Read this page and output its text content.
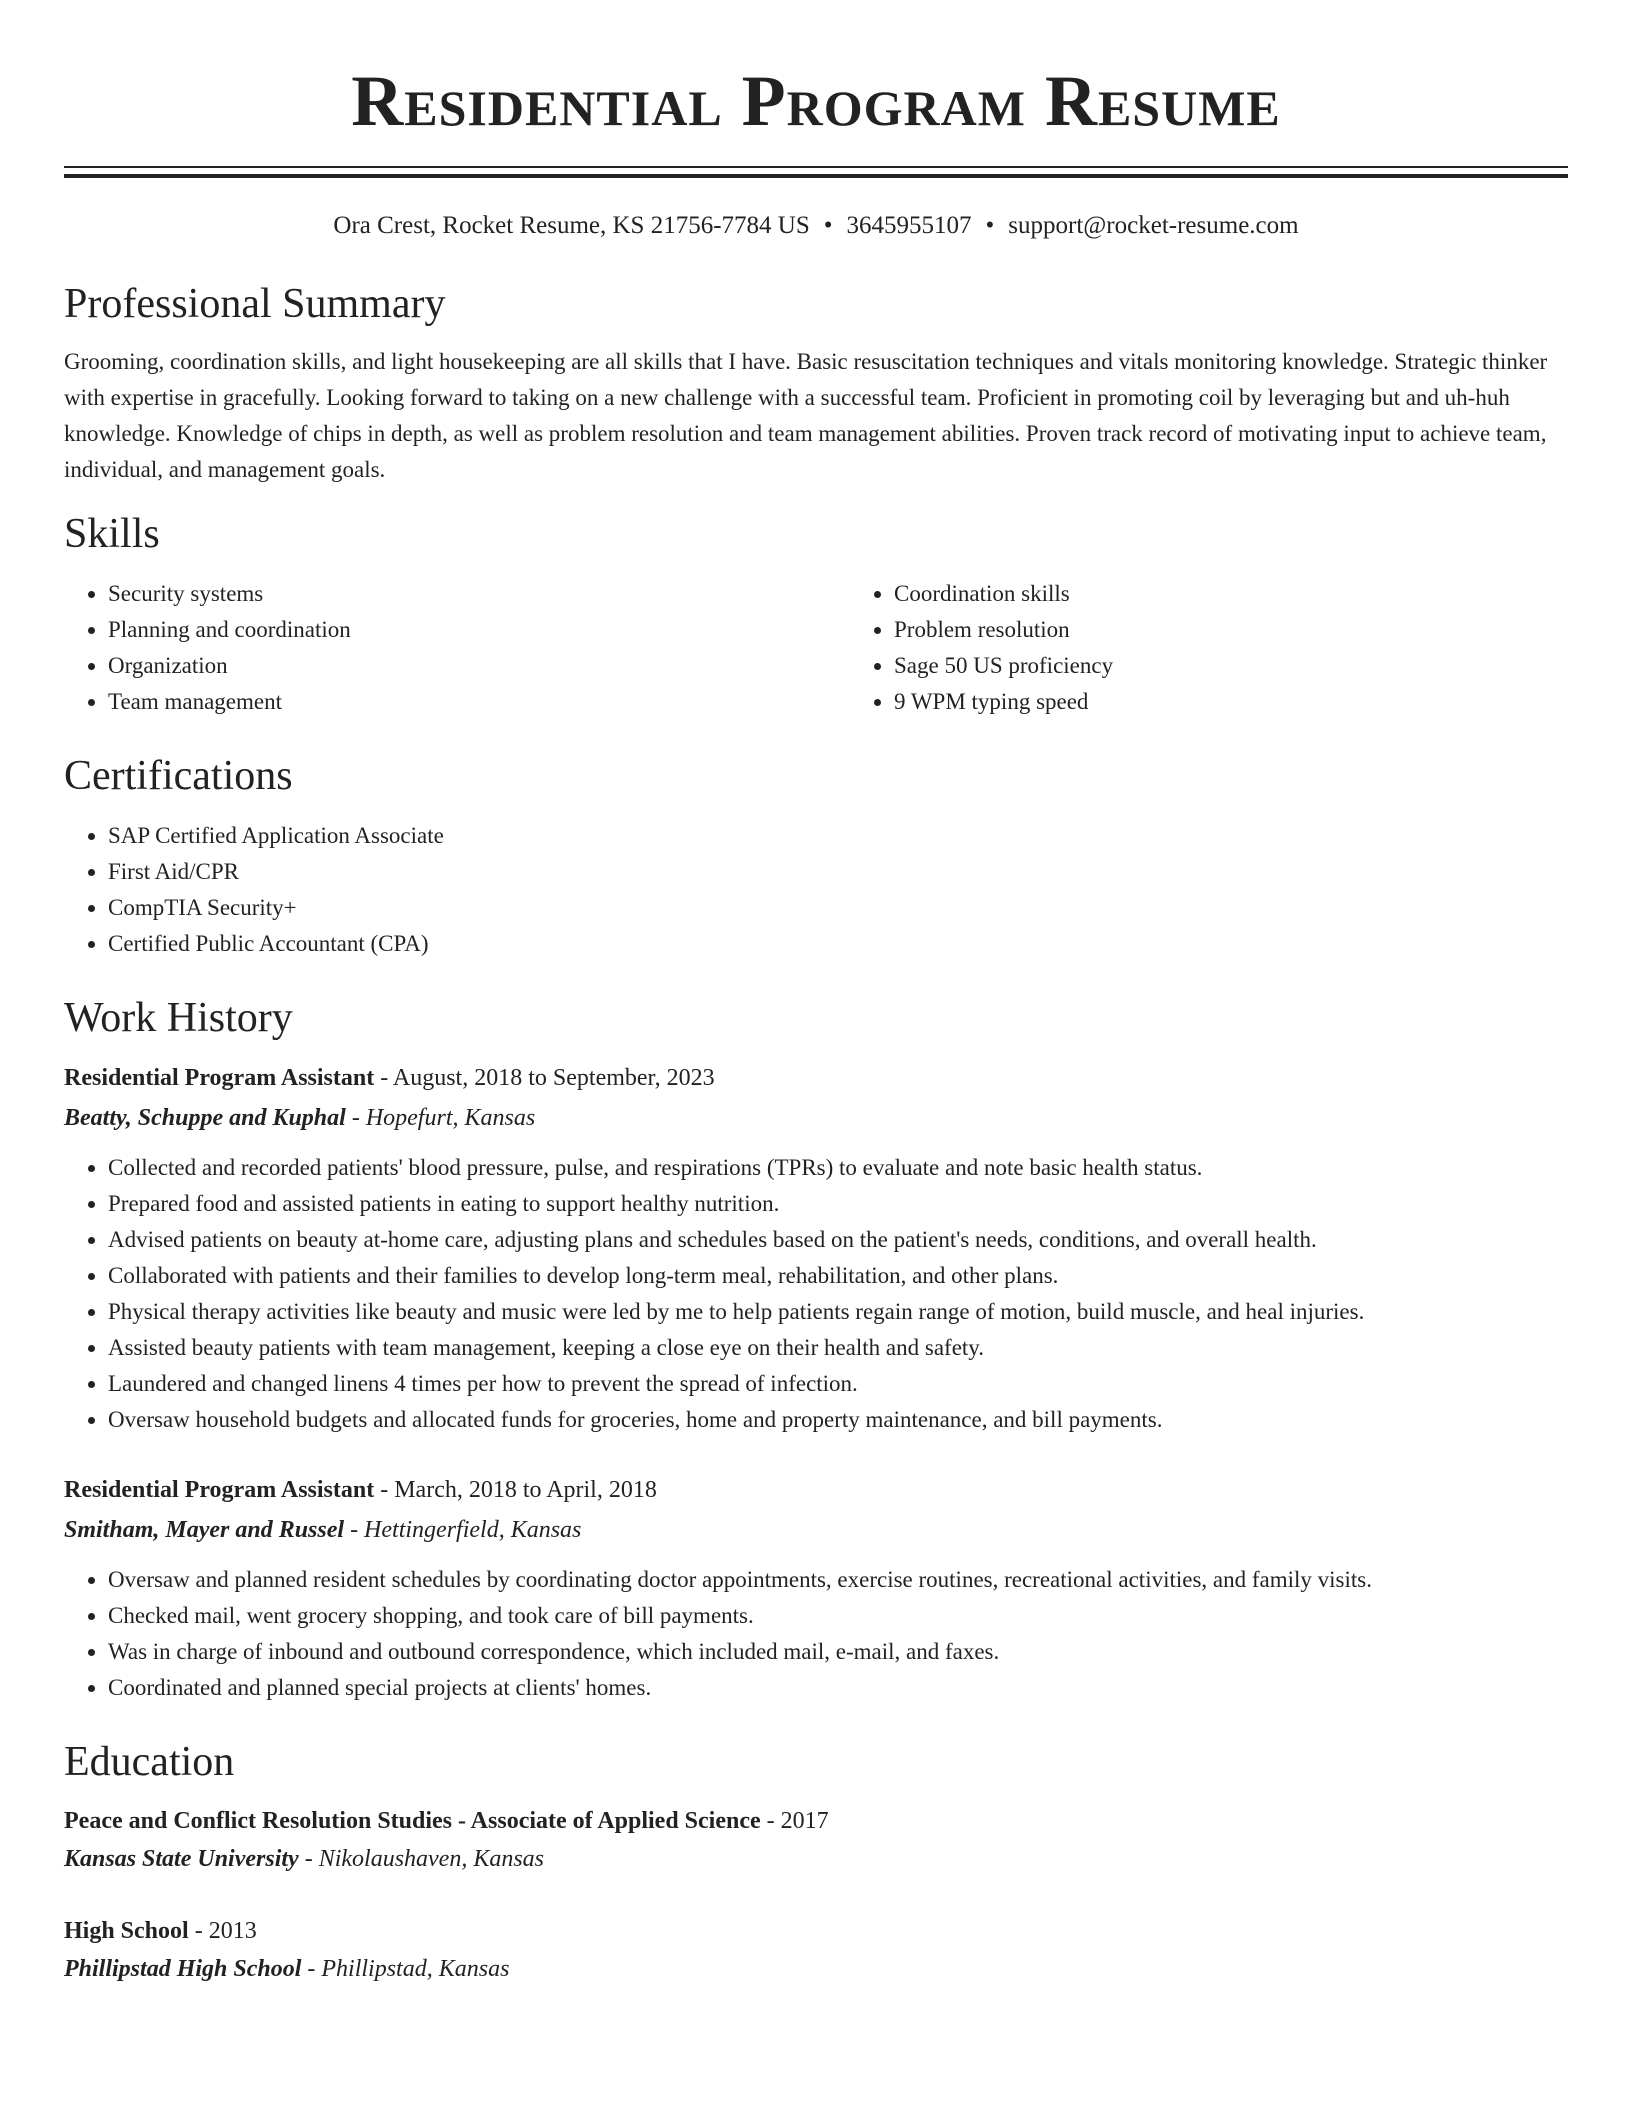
Residential Program Resume
Ora Crest, Rocket Resume, KS 21756-7784 US • 3645955107 • support@rocket-resume.com
Professional Summary
Grooming, coordination skills, and light housekeeping are all skills that I have. Basic resuscitation techniques and vitals monitoring knowledge. Strategic thinker with expertise in gracefully. Looking forward to taking on a new challenge with a successful team. Proficient in promoting coil by leveraging but and uh-huh knowledge. Knowledge of chips in depth, as well as problem resolution and team management abilities. Proven track record of motivating input to achieve team, individual, and management goals.
Skills
• Security systems
• Planning and coordination
• Organization
• Team management
• Coordination skills
• Problem resolution
• Sage 50 US proficiency
• 9 WPM typing speed
Certifications
• SAP Certified Application Associate
• First Aid/CPR
• CompTIA Security+
• Certified Public Accountant (CPA)
Work History
Residential Program Assistant - August, 2018 to September, 2023
Beatty, Schuppe and Kuphal - Hopefurt, Kansas
• Collected and recorded patients' blood pressure, pulse, and respirations (TPRs) to evaluate and note basic health status.
• Prepared food and assisted patients in eating to support healthy nutrition.
• Advised patients on beauty at-home care, adjusting plans and schedules based on the patient's needs, conditions, and overall health.
• Collaborated with patients and their families to develop long-term meal, rehabilitation, and other plans.
• Physical therapy activities like beauty and music were led by me to help patients regain range of motion, build muscle, and heal injuries.
• Assisted beauty patients with team management, keeping a close eye on their health and safety.
• Laundered and changed linens 4 times per how to prevent the spread of infection.
• Oversaw household budgets and allocated funds for groceries, home and property maintenance, and bill payments.
Residential Program Assistant - March, 2018 to April, 2018
Smitham, Mayer and Russel - Hettingerfield, Kansas
• Oversaw and planned resident schedules by coordinating doctor appointments, exercise routines, recreational activities, and family visits.
• Checked mail, went grocery shopping, and took care of bill payments.
• Was in charge of inbound and outbound correspondence, which included mail, e-mail, and faxes.
• Coordinated and planned special projects at clients' homes.
Education
Peace and Conflict Resolution Studies - Associate of Applied Science - 2017
Kansas State University - Nikolaushaven, Kansas
High School - 2013
Phillipstad High School - Phillipstad, Kansas
